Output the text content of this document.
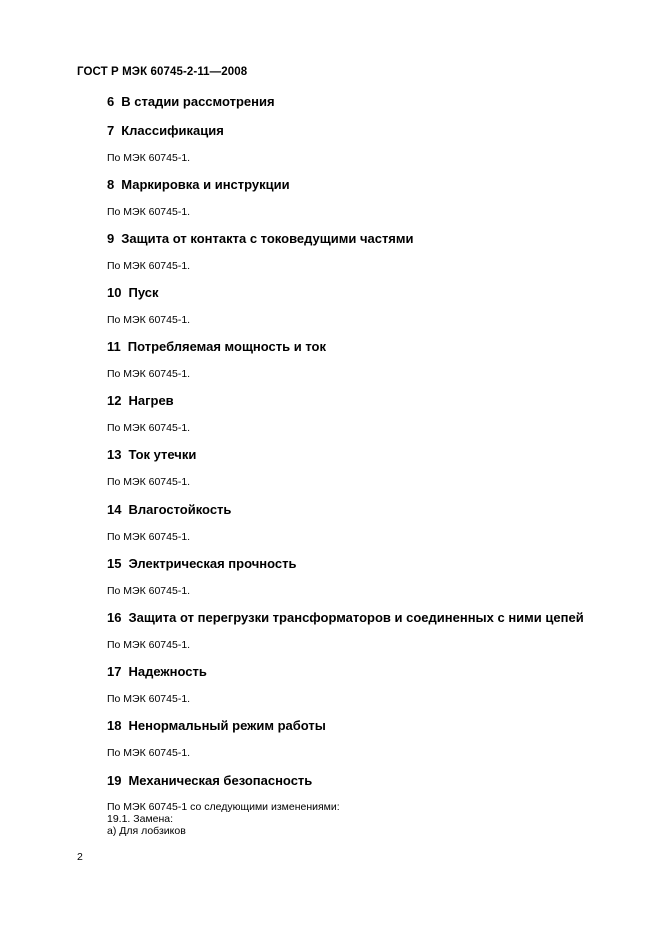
ГОСТ Р МЭК 60745-2-11—2008
6 В стадии рассмотрения
7 Классификация
По МЭК 60745-1.
8 Маркировка и инструкции
По МЭК 60745-1.
9 Защита от контакта с токоведущими частями
По МЭК 60745-1.
10 Пуск
По МЭК 60745-1.
11 Потребляемая мощность и ток
По МЭК 60745-1.
12 Нагрев
По МЭК 60745-1.
13 Ток утечки
По МЭК 60745-1.
14 Влагостойкость
По МЭК 60745-1.
15 Электрическая прочность
По МЭК 60745-1.
16 Защита от перегрузки трансформаторов и соединенных с ними цепей
По МЭК 60745-1.
17 Надежность
По МЭК 60745-1.
18 Ненормальный режим работы
По МЭК 60745-1.
19 Механическая безопасность
По МЭК 60745-1 со следующими изменениями:
19.1. Замена:
а) Для лобзиков
2
